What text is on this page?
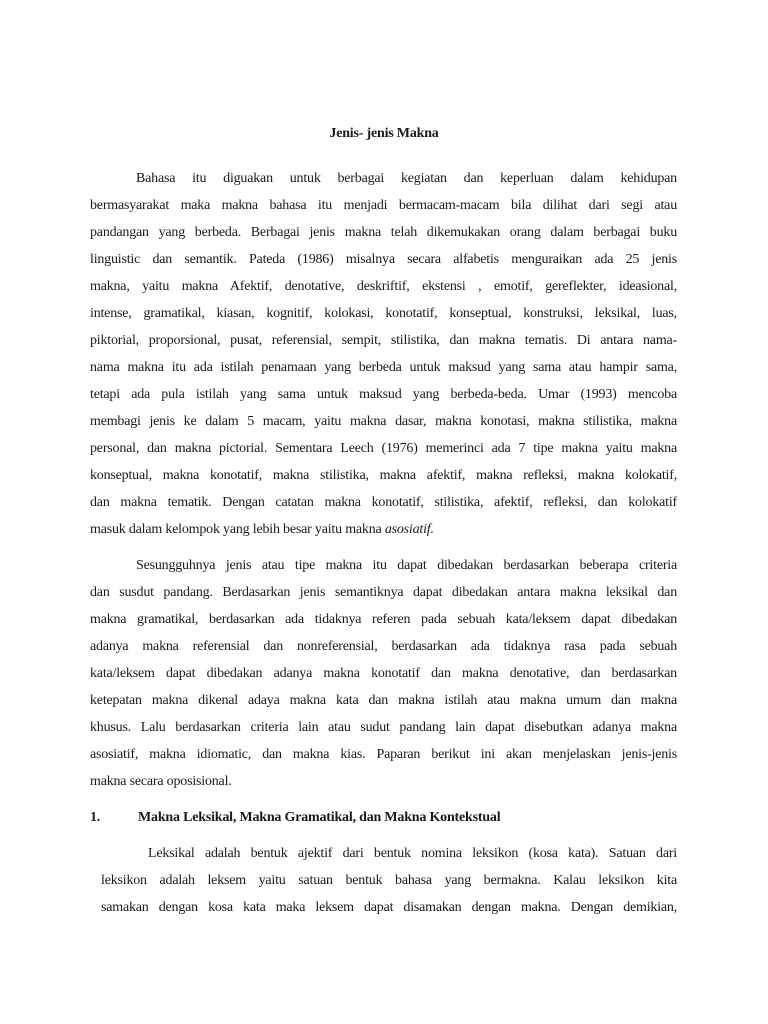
Jenis- jenis Makna
Bahasa itu diguakan untuk berbagai kegiatan dan keperluan dalam kehidupan
bermasyarakat maka makna bahasa itu menjadi bermacam-macam bila dilihat dari segi atau
pandangan yang berbeda. Berbagai jenis makna telah dikemukakan orang dalam berbagai buku
linguistic dan semantik. Pateda (1986) misalnya secara alfabetis menguraikan ada 25 jenis
makna, yaitu makna Afektif, denotative, deskriftif, ekstensi , emotif, gereflekter, ideasional,
intense, gramatikal, kiasan, kognitif, kolokasi, konotatif, konseptual, konstruksi, leksikal, luas,
piktorial, proporsional, pusat, referensial, sempit, stilistika, dan makna tematis. Di antara nama-
nama makna itu ada istilah penamaan yang berbeda untuk maksud yang sama atau hampir sama,
tetapi ada pula istilah yang sama untuk maksud yang berbeda-beda. Umar (1993) mencoba
membagi jenis ke dalam 5 macam, yaitu makna dasar, makna konotasi, makna stilistika, makna
personal, dan makna pictorial. Sementara Leech (1976) memerinci ada 7 tipe makna yaitu makna
konseptual, makna konotatif, makna stilistika, makna afektif, makna refleksi, makna kolokatif,
dan makna tematik. Dengan catatan makna konotatif, stilistika, afektif, refleksi, dan kolokatif
masuk dalam kelompok yang lebih besar yaitu makna asosiatif.
Sesungguhnya jenis atau tipe makna itu dapat dibedakan berdasarkan beberapa criteria
dan susdut pandang. Berdasarkan jenis semantiknya dapat dibedakan antara makna leksikal dan
makna gramatikal, berdasarkan ada tidaknya referen pada sebuah kata/leksem dapat dibedakan
adanya makna referensial dan nonreferensial, berdasarkan ada tidaknya rasa pada sebuah
kata/leksem dapat dibedakan adanya makna konotatif dan makna denotative, dan berdasarkan
ketepatan makna dikenal adaya makna kata dan makna istilah atau makna umum dan makna
khusus. Lalu berdasarkan criteria lain atau sudut pandang lain dapat disebutkan adanya makna
asosiatif, makna idiomatic, dan makna kias. Paparan berikut ini akan menjelaskan jenis-jenis
makna secara oposisional.
1.	Makna Leksikal, Makna Gramatikal, dan Makna Kontekstual
Leksikal adalah bentuk ajektif dari bentuk nomina leksikon (kosa kata). Satuan dari
leksikon adalah leksem yaitu satuan bentuk bahasa yang bermakna. Kalau leksikon kita
samakan dengan kosa kata maka leksem dapat disamakan dengan makna. Dengan demikian,
